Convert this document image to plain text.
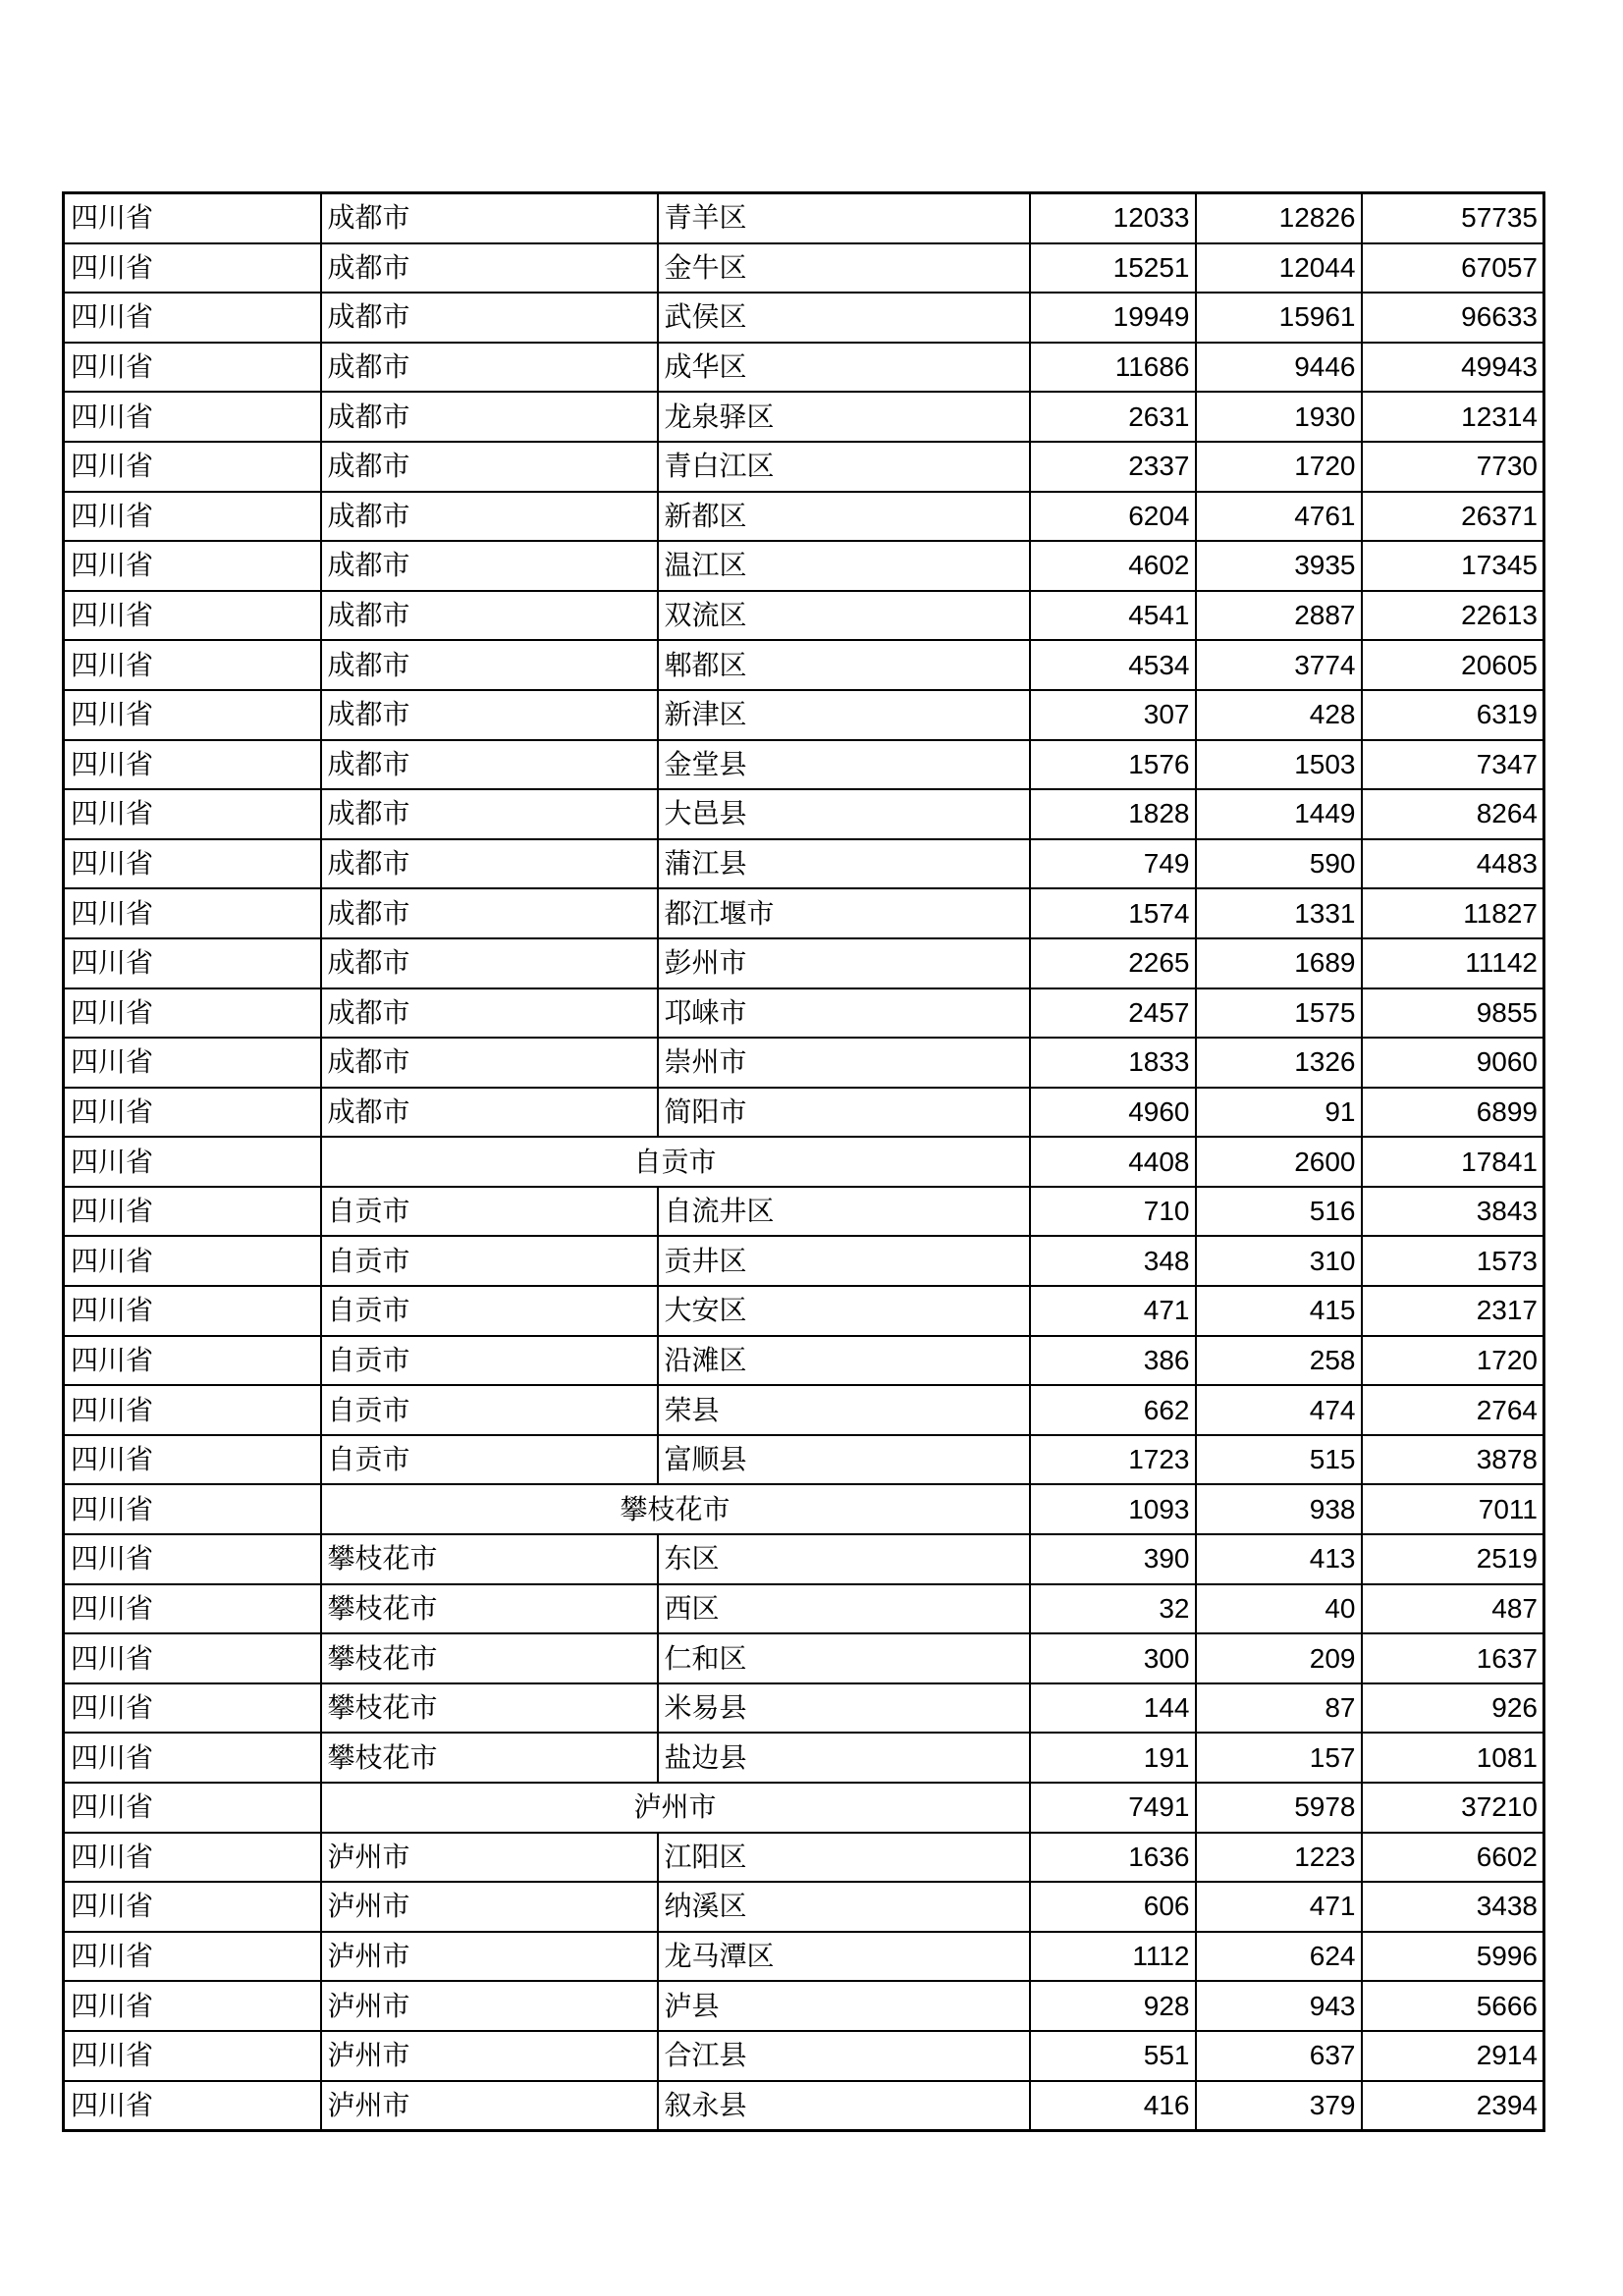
四川省	成都市	青羊区	12033	12826	57735
四川省	成都市	金牛区	15251	12044	67057
四川省	成都市	武侯区	19949	15961	96633
四川省	成都市	成华区	11686	9446	49943
四川省	成都市	龙泉驿区	2631	1930	12314
四川省	成都市	青白江区	2337	1720	7730
四川省	成都市	新都区	6204	4761	26371
四川省	成都市	温江区	4602	3935	17345
四川省	成都市	双流区	4541	2887	22613
四川省	成都市	郫都区	4534	3774	20605
四川省	成都市	新津区	307	428	6319
四川省	成都市	金堂县	1576	1503	7347
四川省	成都市	大邑县	1828	1449	8264
四川省	成都市	蒲江县	749	590	4483
四川省	成都市	都江堰市	1574	1331	11827
四川省	成都市	彭州市	2265	1689	11142
四川省	成都市	邛崃市	2457	1575	9855
四川省	成都市	崇州市	1833	1326	9060
四川省	成都市	简阳市	4960	91	6899
四川省	自贡市		4408	2600	17841
四川省	自贡市	自流井区	710	516	3843
四川省	自贡市	贡井区	348	310	1573
四川省	自贡市	大安区	471	415	2317
四川省	自贡市	沿滩区	386	258	1720
四川省	自贡市	荣县	662	474	2764
四川省	自贡市	富顺县	1723	515	3878
四川省	攀枝花市		1093	938	7011
四川省	攀枝花市	东区	390	413	2519
四川省	攀枝花市	西区	32	40	487
四川省	攀枝花市	仁和区	300	209	1637
四川省	攀枝花市	米易县	144	87	926
四川省	攀枝花市	盐边县	191	157	1081
四川省	泸州市		7491	5978	37210
四川省	泸州市	江阳区	1636	1223	6602
四川省	泸州市	纳溪区	606	471	3438
四川省	泸州市	龙马潭区	1112	624	5996
四川省	泸州市	泸县	928	943	5666
四川省	泸州市	合江县	551	637	2914
四川省	泸州市	叙永县	416	379	2394
